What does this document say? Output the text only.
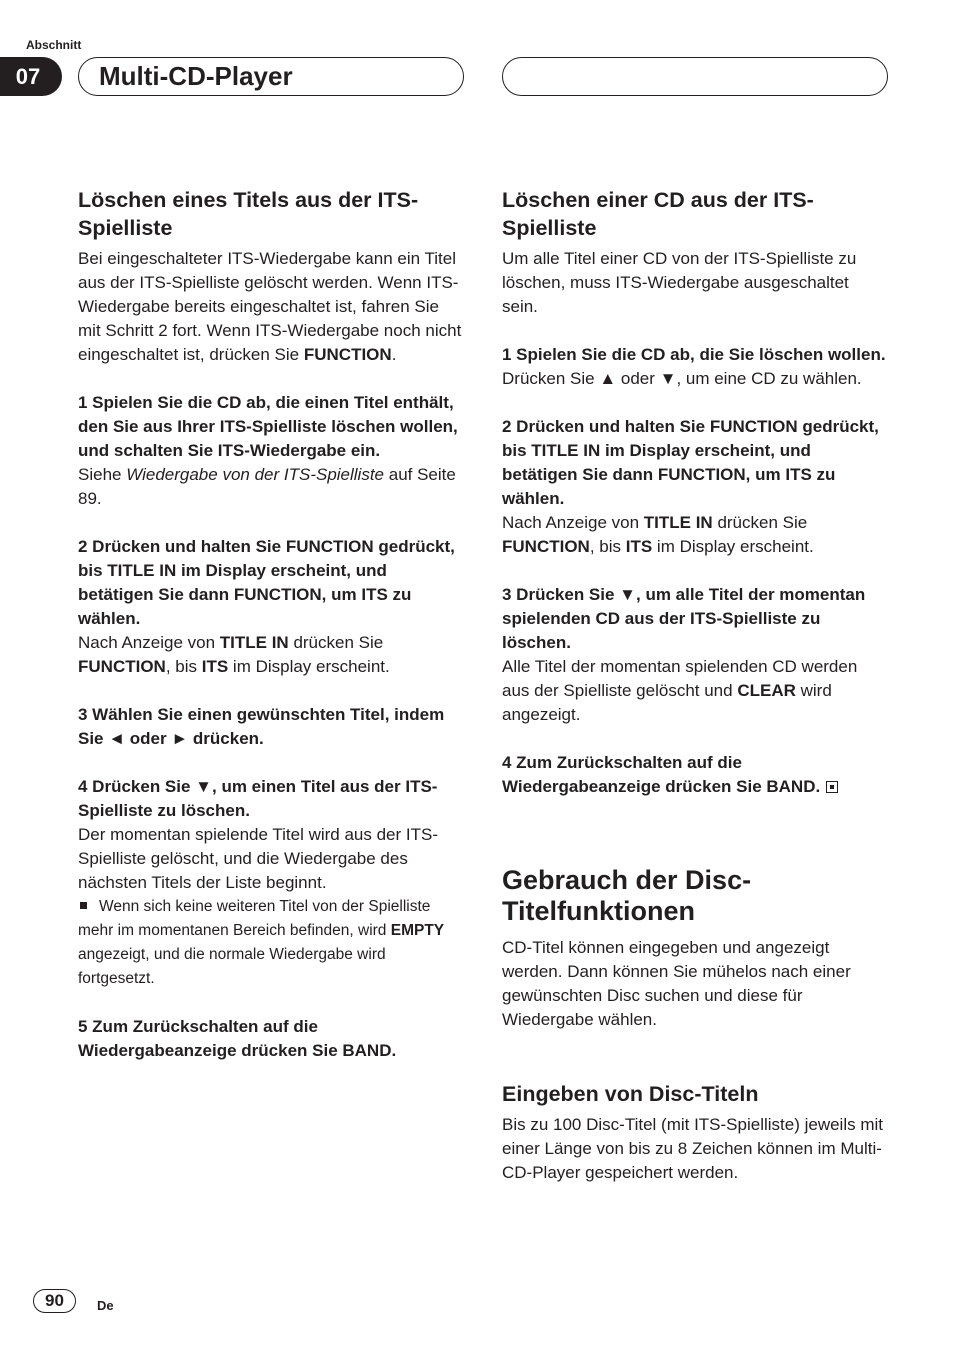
Abschnitt
07	Multi-CD-Player
Löschen eines Titels aus der ITS-Spielliste

Bei eingeschalteter ITS-Wiedergabe kann ein Titel aus der ITS-Spielliste gelöscht werden. Wenn ITS-Wiedergabe bereits eingeschaltet ist, fahren Sie mit Schritt 2 fort. Wenn ITS-Wiedergabe noch nicht eingeschaltet ist, drücken Sie FUNCTION.

1 Spielen Sie die CD ab, die einen Titel enthält, den Sie aus Ihrer ITS-Spielliste löschen wollen, und schalten Sie ITS-Wiedergabe ein.

Siehe Wiedergabe von der ITS-Spielliste auf Seite 89.

2 Drücken und halten Sie FUNCTION gedrückt, bis TITLE IN im Display erscheint, und betätigen Sie dann FUNCTION, um ITS zu wählen.

Nach Anzeige von TITLE IN drücken Sie FUNCTION, bis ITS im Display erscheint.

3 Wählen Sie einen gewünschten Titel, indem Sie ◄ oder ► drücken.

4 Drücken Sie ▼, um einen Titel aus der ITS-Spielliste zu löschen.

Der momentan spielende Titel wird aus der ITS-Spielliste gelöscht, und die Wiedergabe des nächsten Titels der Liste beginnt.

Wenn sich keine weiteren Titel von der Spielliste mehr im momentanen Bereich befinden, wird EMPTY angezeigt, und die normale Wiedergabe wird fortgesetzt.

5 Zum Zurückschalten auf die Wiedergabeanzeige drücken Sie BAND.

Löschen einer CD aus der ITS-Spielliste

Um alle Titel einer CD von der ITS-Spielliste zu löschen, muss ITS-Wiedergabe ausgeschaltet sein.

1 Spielen Sie die CD ab, die Sie löschen wollen.

Drücken Sie ▲ oder ▼, um eine CD zu wählen.

2 Drücken und halten Sie FUNCTION gedrückt, bis TITLE IN im Display erscheint, und betätigen Sie dann FUNCTION, um ITS zu wählen.

Nach Anzeige von TITLE IN drücken Sie FUNCTION, bis ITS im Display erscheint.

3 Drücken Sie ▼, um alle Titel der momentan spielenden CD aus der ITS-Spielliste zu löschen.

Alle Titel der momentan spielenden CD werden aus der Spielliste gelöscht und CLEAR wird angezeigt.

4 Zum Zurückschalten auf die Wiedergabeanzeige drücken Sie BAND.

Gebrauch der Disc-Titelfunktionen

CD-Titel können eingegeben und angezeigt werden. Dann können Sie mühelos nach einer gewünschten Disc suchen und diese für Wiedergabe wählen.

Eingeben von Disc-Titeln

Bis zu 100 Disc-Titel (mit ITS-Spielliste) jeweils mit einer Länge von bis zu 8 Zeichen können im Multi-CD-Player gespeichert werden.

90	De
